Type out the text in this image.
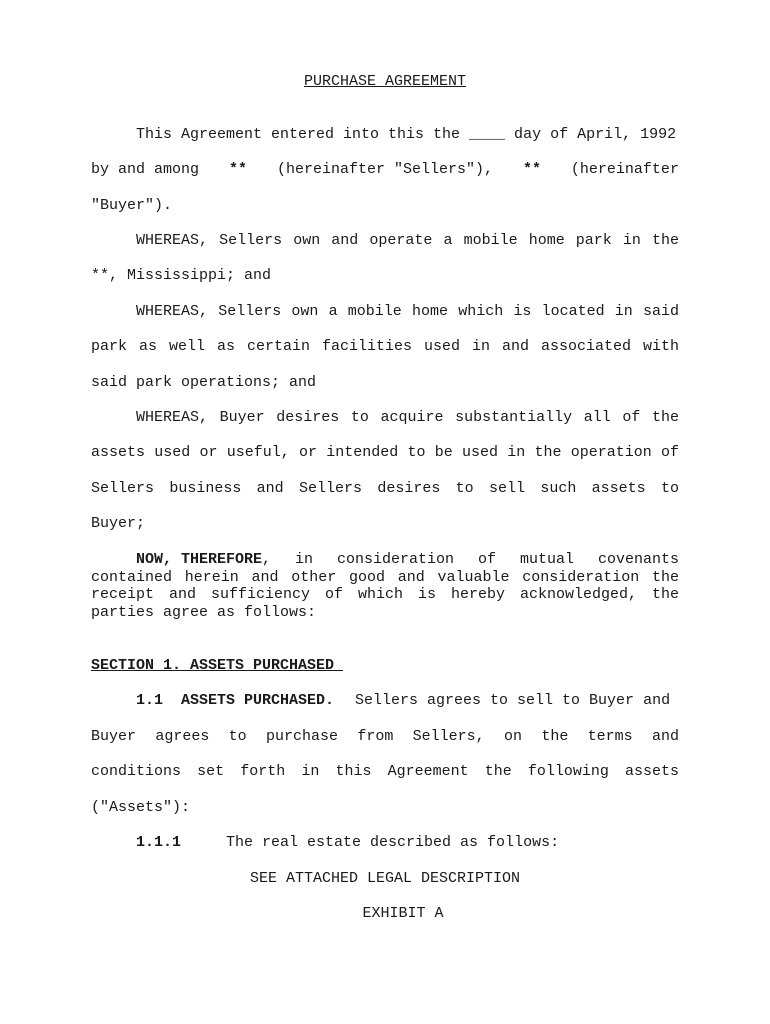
PURCHASE AGREEMENT

This Agreement entered into this the ____ day of April, 1992

by and among ** (hereinafter "Sellers"), ** (hereinafter

"Buyer").

WHEREAS, Sellers own and operate a mobile home park in the

**, Mississippi; and

WHEREAS, Sellers own a mobile home which is located in said

park as well as certain facilities used in and associated with

said park operations; and

WHEREAS, Buyer desires to acquire substantially all of the

assets used or useful, or intended to be used in the operation of

Sellers business and Sellers desires to sell such assets to

Buyer;

NOW, THEREFORE , in consideration of mutual covenants

contained herein and other good and valuable consideration the

receipt and sufficiency of which is hereby acknowledged, the

parties agree as follows:

SECTION 1. ASSETS PURCHASED

1.1 ASSETS PURCHASED. Sellers agrees to sell to Buyer and

Buyer agrees to purchase from Sellers, on the terms and

conditions set forth in this Agreement the following assets

("Assets"):

1.1.1	The real estate described as follows:

SEE ATTACHED LEGAL DESCRIPTION

EXHIBIT A
